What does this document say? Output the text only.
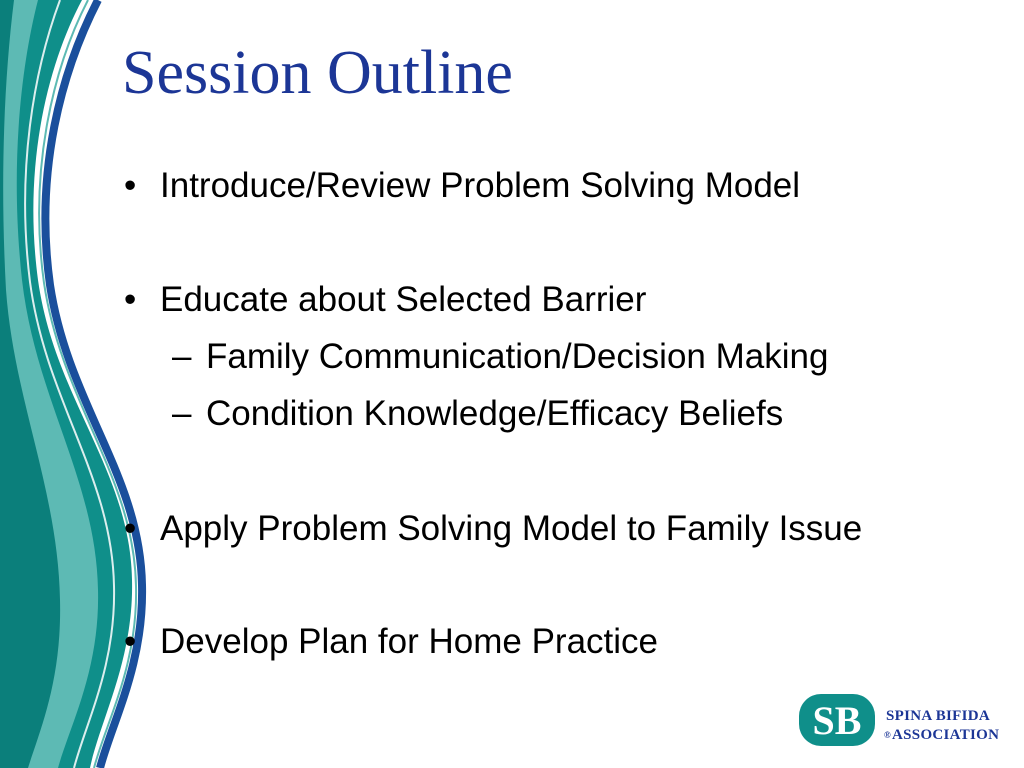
Session Outline
• Introduce/Review Problem Solving Model
• Educate about Selected Barrier
– Family Communication/Decision Making
– Condition Knowledge/Efficacy Beliefs
• Apply Problem Solving Model to Family Issue
• Develop Plan for Home Practice
SB SPINA BIFIDA
®ASSOCIATION
